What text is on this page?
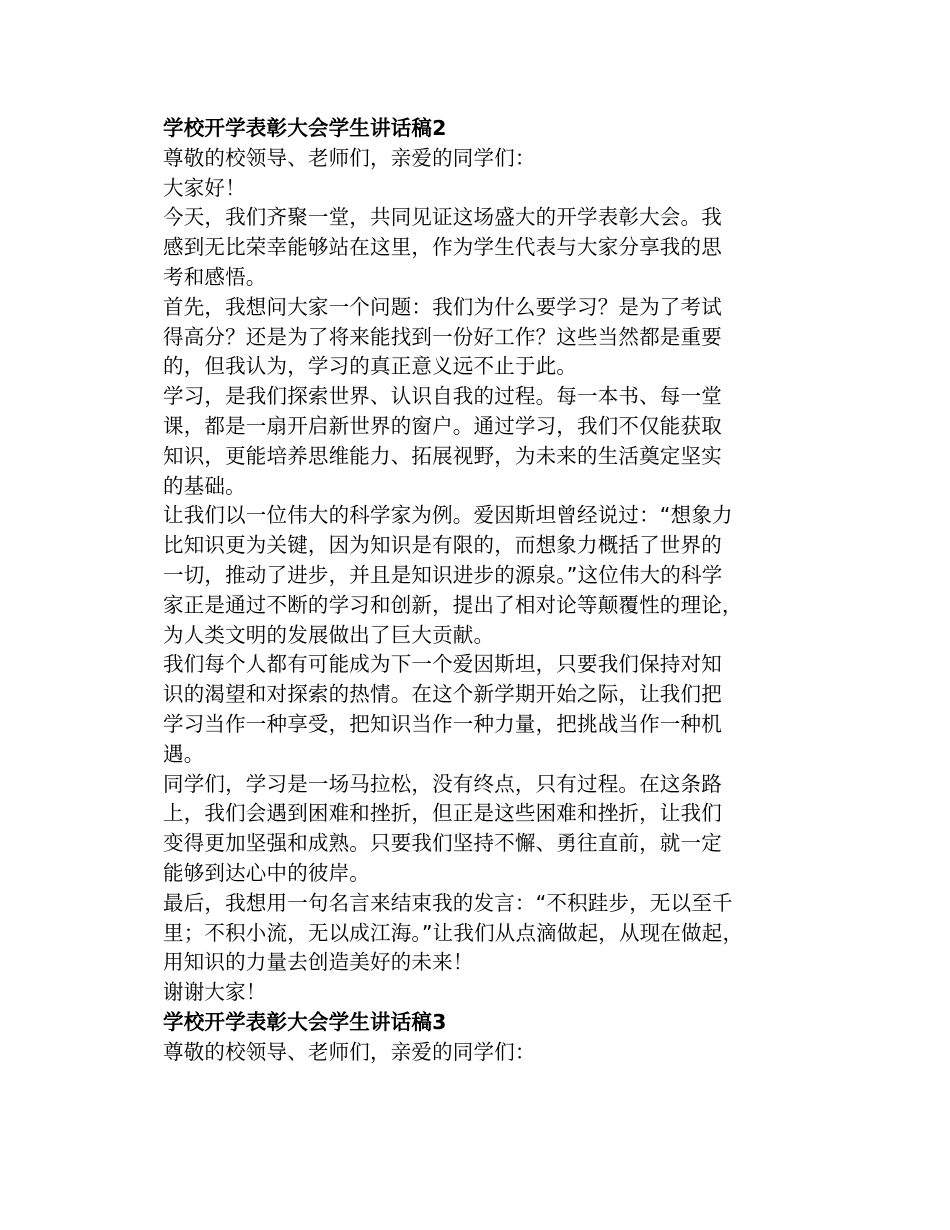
学校开学表彰大会学生讲话稿2
尊敬的校领导、老师们，亲爱的同学们：
大家好！
今天，我们齐聚一堂，共同见证这场盛大的开学表彰大会。我
感到无比荣幸能够站在这里，作为学生代表与大家分享我的思
考和感悟。
首先，我想问大家一个问题：我们为什么要学习？是为了考试
得高分？还是为了将来能找到一份好工作？这些当然都是重要
的，但我认为，学习的真正意义远不止于此。
学习，是我们探索世界、认识自我的过程。每一本书、每一堂
课，都是一扇开启新世界的窗户。通过学习，我们不仅能获取
知识，更能培养思维能力、拓展视野，为未来的生活奠定坚实
的基础。
让我们以一位伟大的科学家为例。爱因斯坦曾经说过：“想象力
比知识更为关键，因为知识是有限的，而想象力概括了世界的
一切，推动了进步，并且是知识进步的源泉。”这位伟大的科学
家正是通过不断的学习和创新，提出了相对论等颠覆性的理论，
为人类文明的发展做出了巨大贡献。
我们每个人都有可能成为下一个爱因斯坦，只要我们保持对知
识的渴望和对探索的热情。在这个新学期开始之际，让我们把
学习当作一种享受，把知识当作一种力量，把挑战当作一种机
遇。
同学们，学习是一场马拉松，没有终点，只有过程。在这条路
上，我们会遇到困难和挫折，但正是这些困难和挫折，让我们
变得更加坚强和成熟。只要我们坚持不懈、勇往直前，就一定
能够到达心中的彼岸。
最后，我想用一句名言来结束我的发言：“不积跬步，无以至千
里；不积小流，无以成江海。”让我们从点滴做起，从现在做起，
用知识的力量去创造美好的未来！
谢谢大家！
学校开学表彰大会学生讲话稿3
尊敬的校领导、老师们，亲爱的同学们：
